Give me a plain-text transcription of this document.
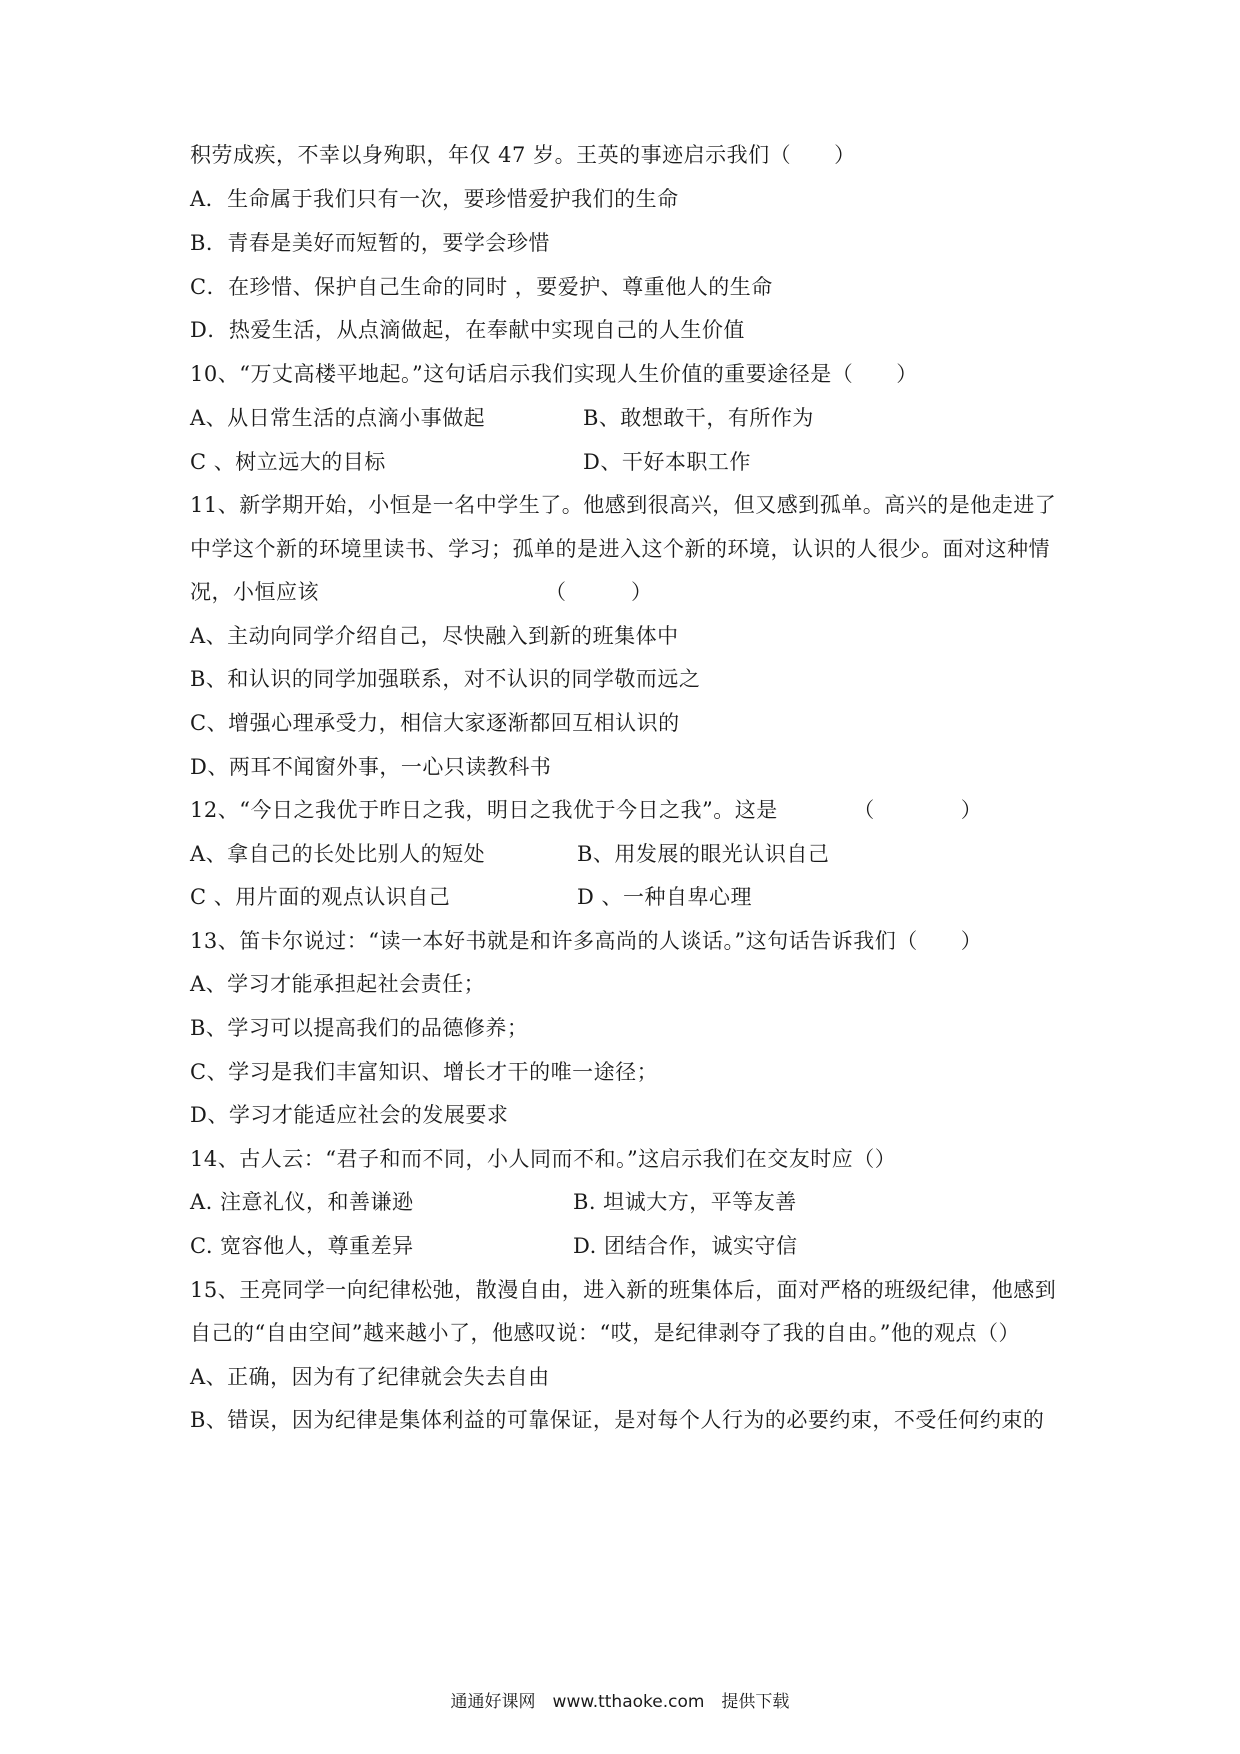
积劳成疾，不幸以身殉职，年仅 47 岁。王英的事迹启示我们（　　）
A．生命属于我们只有一次，要珍惜爱护我们的生命
B．青春是美好而短暂的，要学会珍惜
C．在珍惜、保护自己生命的同时 ，要爱护、尊重他人的生命
D．热爱生活，从点滴做起，在奉献中实现自己的人生价值
10、“万丈高楼平地起。”这句话启示我们实现人生价值的重要途径是（　　）
A、从日常生活的点滴小事做起	B、敢想敢干，有所作为
C 、树立远大的目标	D、干好本职工作
11、新学期开始，小恒是一名中学生了。他感到很高兴，但又感到孤单。高兴的是他走进了
中学这个新的环境里读书、学习；孤单的是进入这个新的环境，认识的人很少。面对这种情
况，小恒应该　　　　　　　　　　　（　　　）
A、主动向同学介绍自己，尽快融入到新的班集体中
B、和认识的同学加强联系，对不认识的同学敬而远之
C、增强心理承受力，相信大家逐渐都回互相认识的
D、两耳不闻窗外事，一心只读教科书
12、“今日之我优于昨日之我，明日之我优于今日之我”。这是　　　　（　　　　）
A、拿自己的长处比别人的短处	B、用发展的眼光认识自己
C 、用片面的观点认识自己	D 、一种自卑心理
13、笛卡尔说过：“读一本好书就是和许多高尚的人谈话。”这句话告诉我们（　　）
A、学习才能承担起社会责任；
B、学习可以提高我们的品德修养；
C、学习是我们丰富知识、增长才干的唯一途径；
D、学习才能适应社会的发展要求
14、古人云：“君子和而不同，小人同而不和。”这启示我们在交友时应（）
A. 注意礼仪，和善谦逊	B. 坦诚大方，平等友善
C. 宽容他人，尊重差异	D. 团结合作，诚实守信
15、王亮同学一向纪律松弛，散漫自由，进入新的班集体后，面对严格的班级纪律，他感到
自己的“自由空间”越来越小了，他感叹说：“哎，是纪律剥夺了我的自由。”他的观点（）
A、正确，因为有了纪律就会失去自由
B、错误，因为纪律是集体利益的可靠保证，是对每个人行为的必要约束，不受任何约束的
通通好课网　www.tthaoke.com　提供下载
